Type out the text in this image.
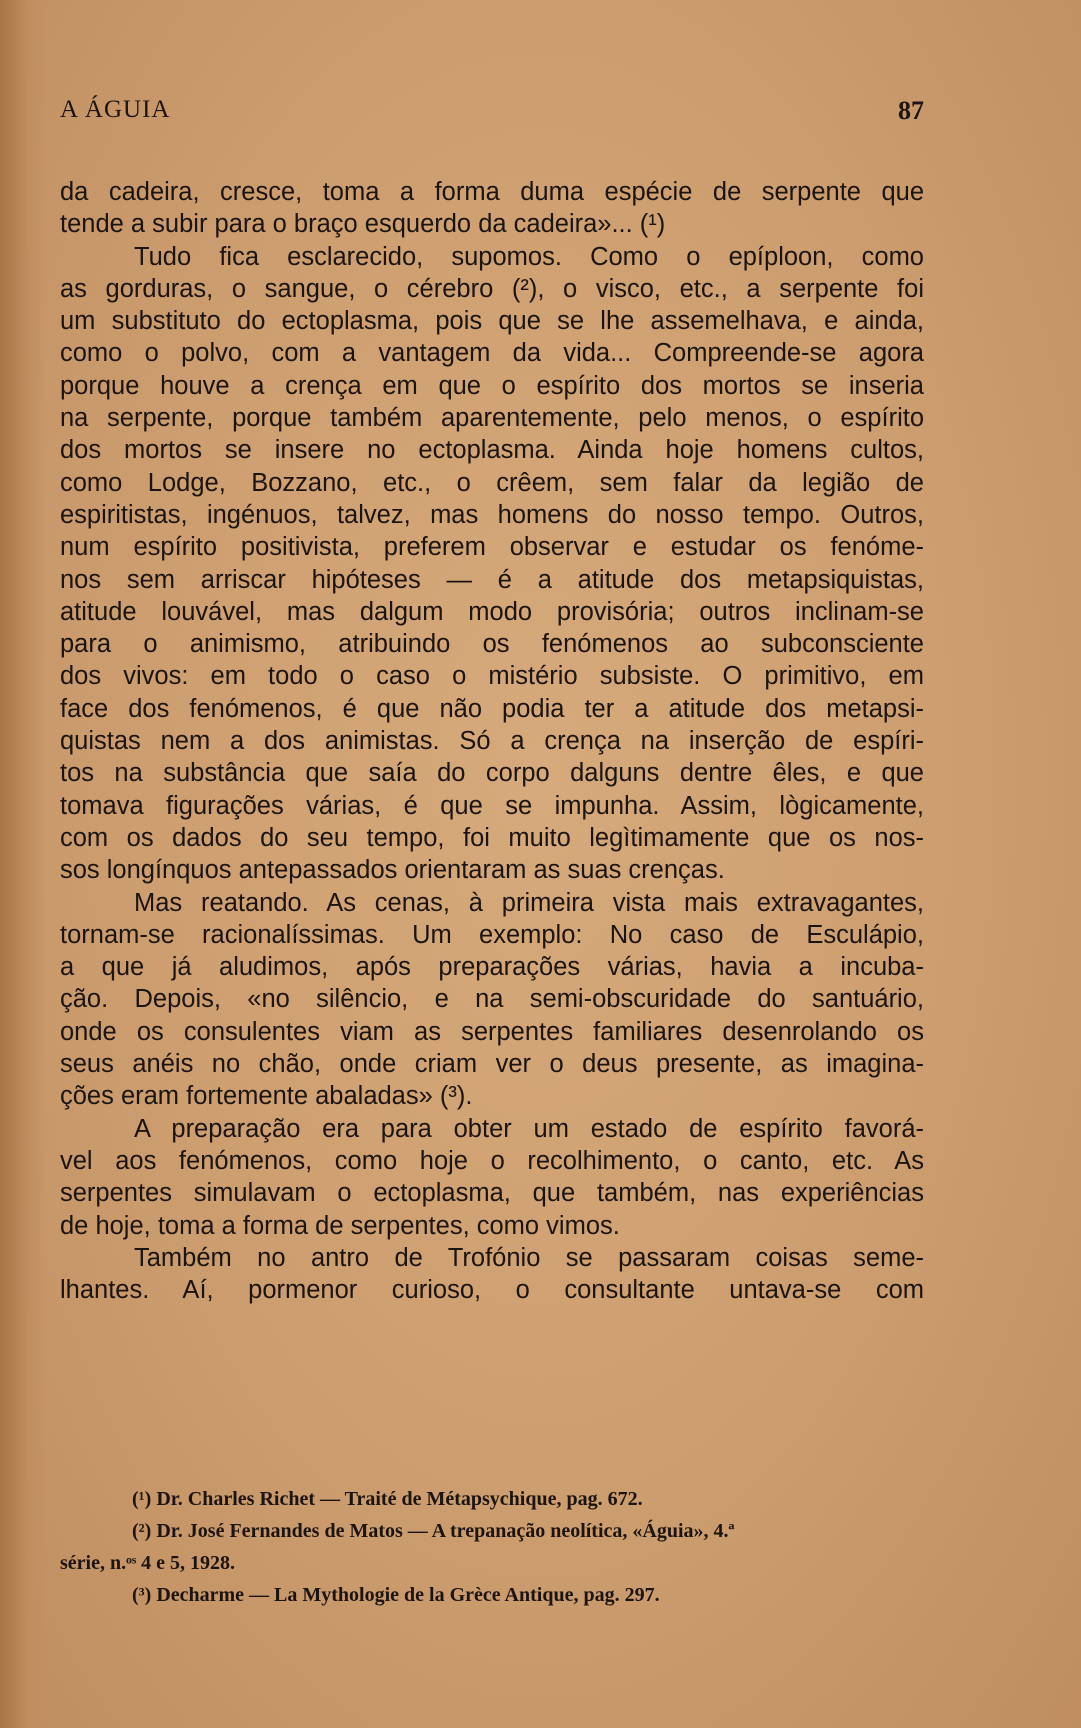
A ÁGUIA	87
da cadeira, cresce, toma a forma duma espécie de serpente que
tende a subir para o braço esquerdo da cadeira»... (¹)
Tudo fica esclarecido, supomos. Como o epíploon, como
as gorduras, o sangue, o cérebro (²), o visco, etc., a serpente foi
um substituto do ectoplasma, pois que se lhe assemelhava, e ainda,
como o polvo, com a vantagem da vida... Compreende-se agora
porque houve a crença em que o espírito dos mortos se inseria
na serpente, porque também aparentemente, pelo menos, o espírito
dos mortos se insere no ectoplasma. Ainda hoje homens cultos,
como Lodge, Bozzano, etc., o crêem, sem falar da legião de
espiritistas, ingénuos, talvez, mas homens do nosso tempo. Outros,
num espírito positivista, preferem observar e estudar os fenóme-
nos sem arriscar hipóteses — é a atitude dos metapsiquistas,
atitude louvável, mas dalgum modo provisória; outros inclinam-se
para o animismo, atribuindo os fenómenos ao subconsciente
dos vivos: em todo o caso o mistério subsiste. O primitivo, em
face dos fenómenos, é que não podia ter a atitude dos metapsi-
quistas nem a dos animistas. Só a crença na inserção de espíri-
tos na substância que saía do corpo dalguns dentre êles, e que
tomava figurações várias, é que se impunha. Assim, lògicamente,
com os dados do seu tempo, foi muito legìtimamente que os nos-
sos longínquos antepassados orientaram as suas crenças.
Mas reatando. As cenas, à primeira vista mais extravagantes,
tornam-se racionalíssimas. Um exemplo: No caso de Esculápio,
a que já aludimos, após preparações várias, havia a incuba-
ção. Depois, «no silêncio, e na semi-obscuridade do santuário,
onde os consulentes viam as serpentes familiares desenrolando os
seus anéis no chão, onde criam ver o deus presente, as imagina-
ções eram fortemente abaladas» (³).
A preparação era para obter um estado de espírito favorá-
vel aos fenómenos, como hoje o recolhimento, o canto, etc. As
serpentes simulavam o ectoplasma, que também, nas experiências
de hoje, toma a forma de serpentes, como vimos.
Também no antro de Trofónio se passaram coisas seme-
lhantes. Aí, pormenor curioso, o consultante untava-se com
(¹) Dr. Charles Richet — Traité de Métapsychique, pag. 672.
(²) Dr. José Fernandes de Matos — A trepanação neolítica, «Águia», 4.ª
série, n.ᵒˢ 4 e 5, 1928.
(³) Decharme — La Mythologie de la Grèce Antique, pag. 297.
